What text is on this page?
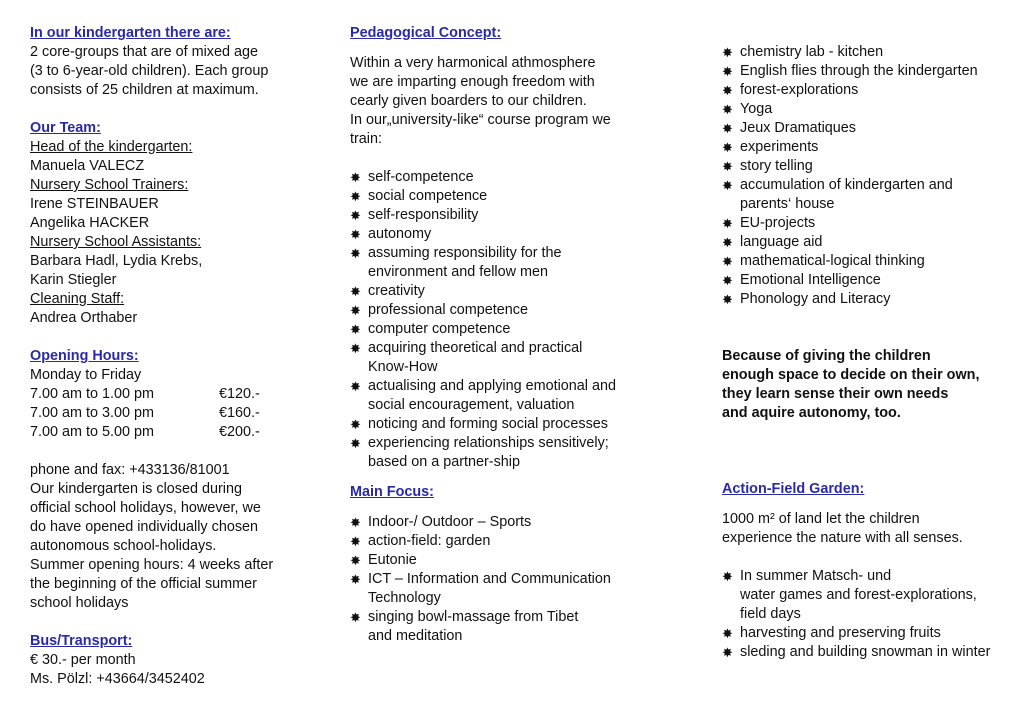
In our kindergarten there are:
2 core-groups that are of mixed age
(3 to 6-year-old children). Each group
consists of 25 children at maximum.
Our Team:
Head of the kindergarten:
Manuela VALECZ
Nursery School Trainers:
Irene STEINBAUER
Angelika HACKER
Nursery School Assistants:
Barbara Hadl, Lydia Krebs,
Karin Stiegler
Cleaning Staff:
Andrea Orthaber
Opening Hours:
Monday to Friday
7.00 am to 1.00 pm	€120.-
7.00 am to 3.00 pm	€160.-
7.00 am to 5.00 pm	€200.-
phone and fax: +433136/81001
Our kindergarten is closed during
official school holidays, however, we
do have opened individually chosen
autonomous school-holidays.
Summer opening hours: 4 weeks after
the beginning of the official summer
school holidays
Bus/Transport:
€ 30.- per month
Ms. Pölzl: +43664/3452402
Pedagogical Concept:
Within a very harmonical athmosphere
we are imparting enough freedom with
cearly given boarders to our children.
In our„university-like“ course program we
train:
✸ self-competence
✸ social competence
✸ self-responsibility
✸ autonomy
✸ assuming responsibility for the
environment and fellow men
✸ creativity
✸ professional competence
✸ computer competence
✸ acquiring theoretical and practical
Know-How
✸ actualising and applying emotional and
social encouragement, valuation
✸ noticing and forming social processes
✸ experiencing relationships sensitively;
based on a partner-ship
Main Focus:
✸ Indoor-/ Outdoor – Sports
✸ action-field: garden
✸ Eutonie
✸ ICT – Information and Communication
Technology
✸ singing bowl-massage from Tibet
and meditation
✸ chemistry lab - kitchen
✸ English flies through the kindergarten
✸ forest-explorations
✸ Yoga
✸ Jeux Dramatiques
✸ experiments
✸ story telling
✸ accumulation of kindergarten and
parents‘ house
✸ EU-projects
✸ language aid
✸ mathematical-logical thinking
✸ Emotional Intelligence
✸ Phonology and Literacy
Because of giving the children
enough space to decide on their own,
they learn sense their own needs
and aquire autonomy, too.
Action-Field Garden:
1000 m² of land let the children
experience the nature with all senses.
✸ In summer Matsch- und
water games and forest-explorations,
field days
✸ harvesting and preserving fruits
✸ sleding and building snowman in winter
